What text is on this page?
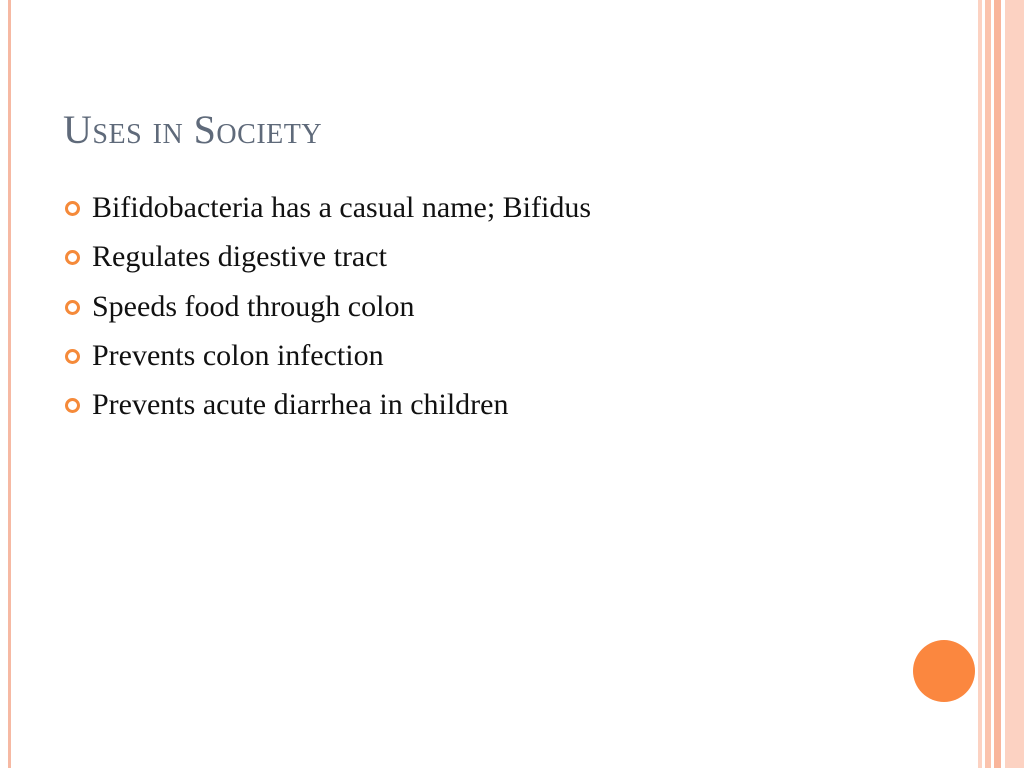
Uses in Society
Bifidobacteria has a casual name; Bifidus
Regulates digestive tract
Speeds food through colon
Prevents colon infection
Prevents acute diarrhea in children
